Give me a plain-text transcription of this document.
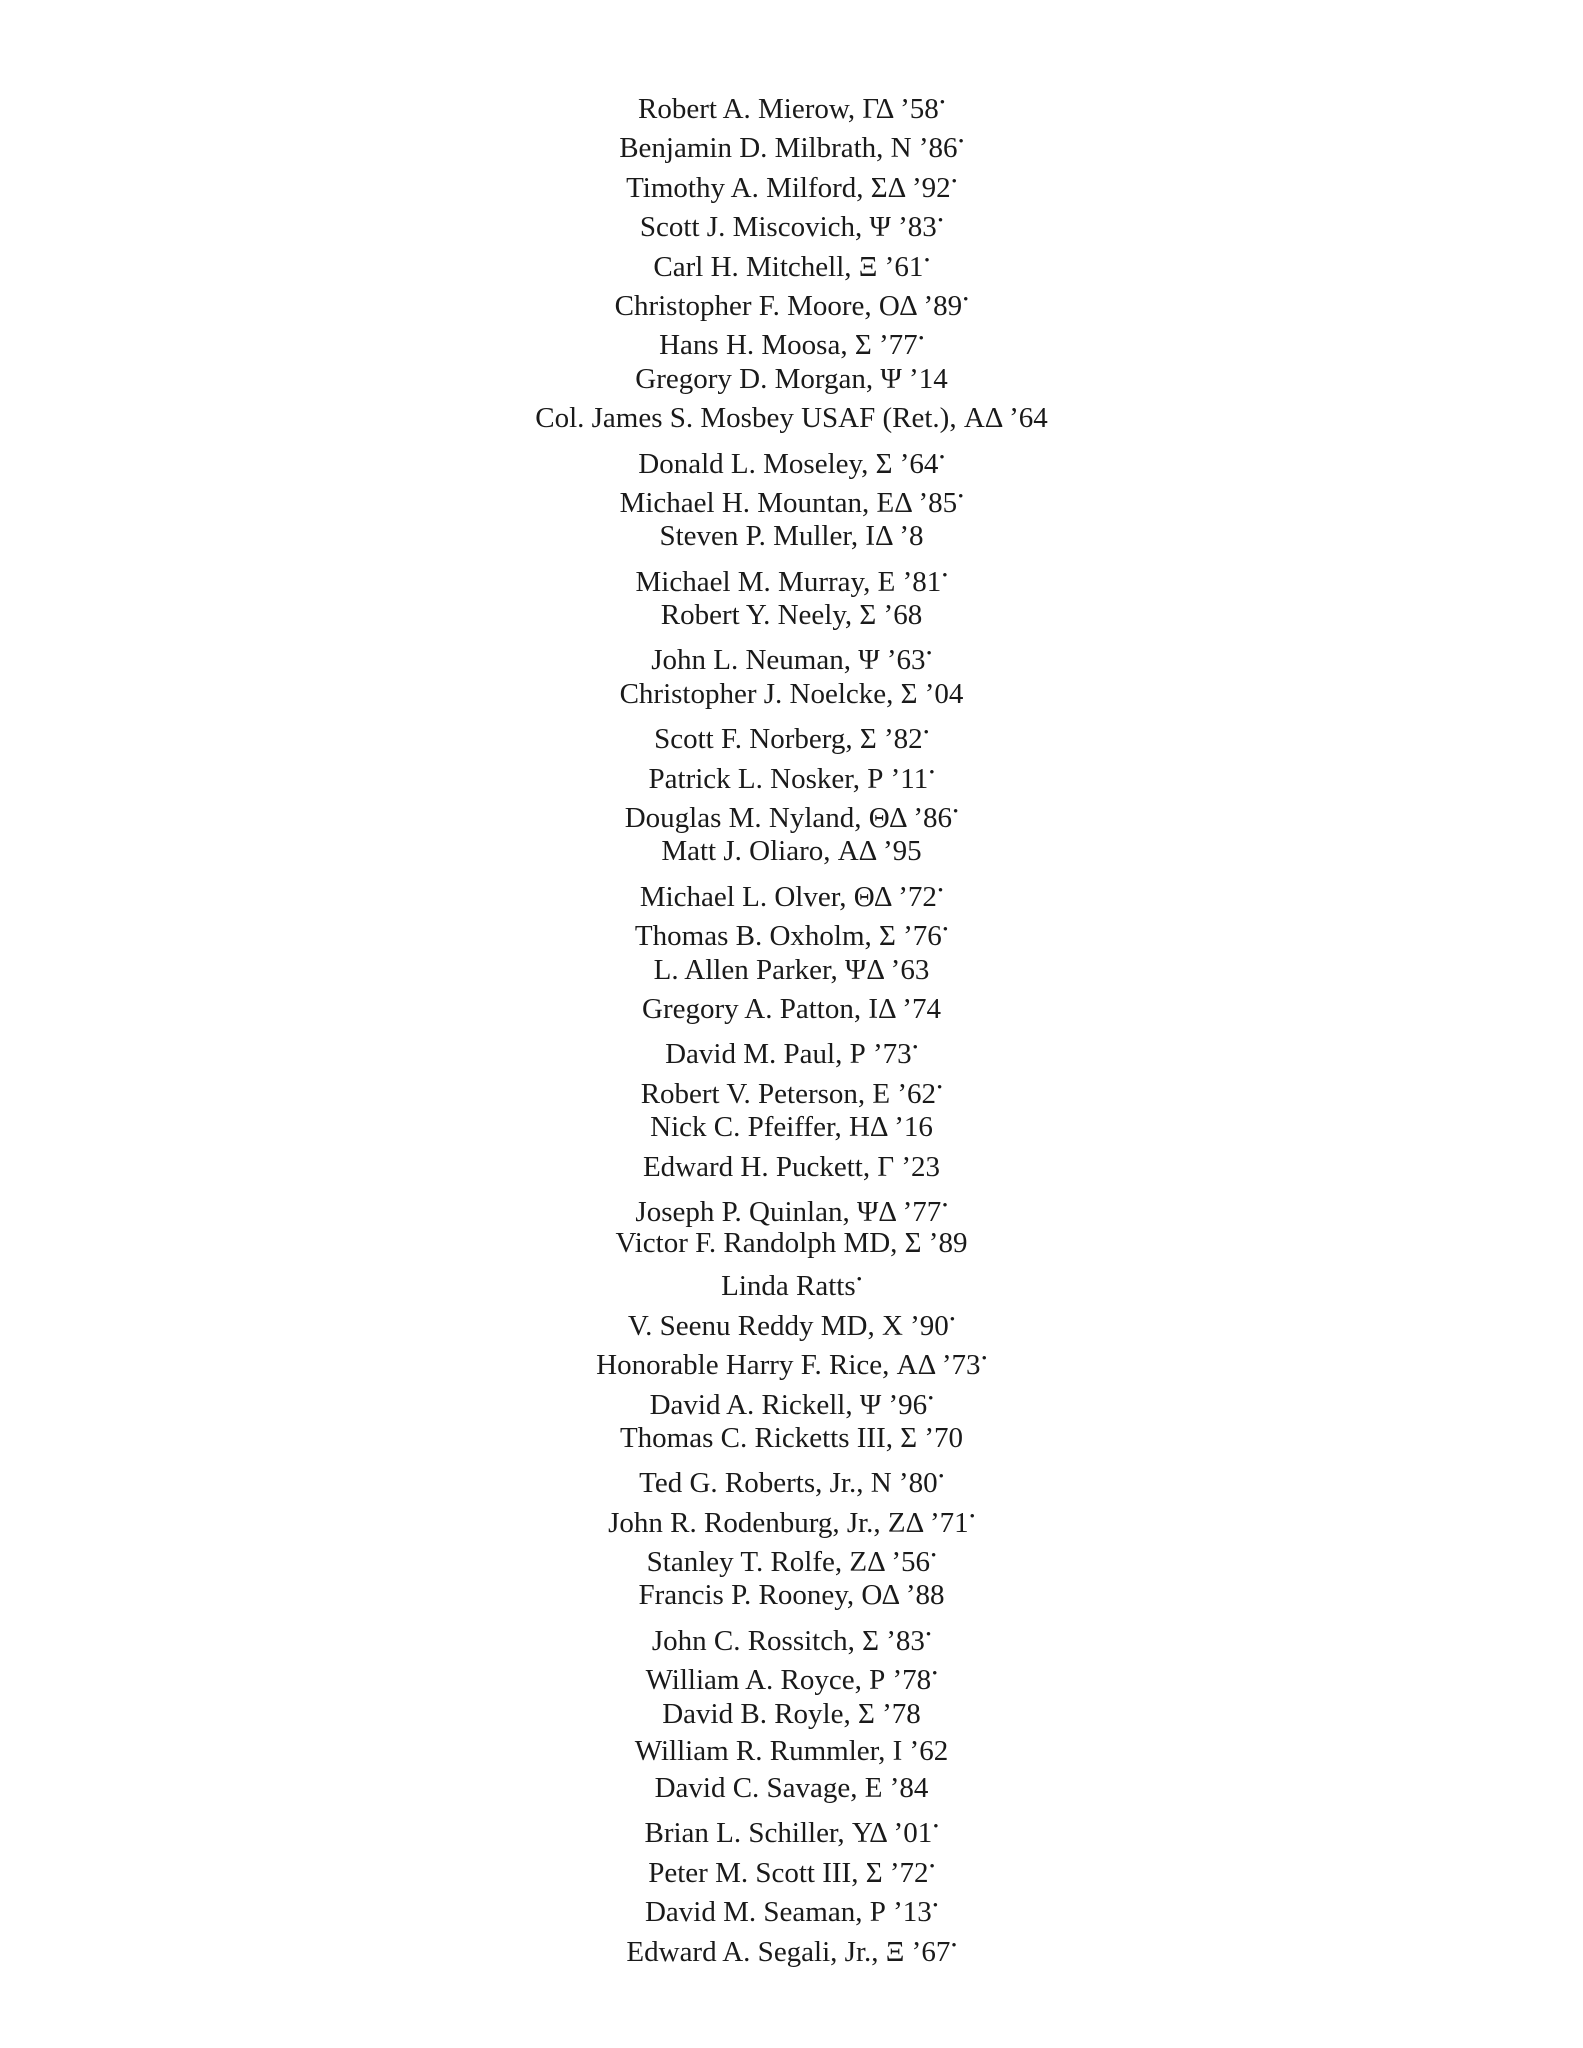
Robert A. Mierow, ΓΔ ’58•
Benjamin D. Milbrath, Ν ’86•
Timothy A. Milford, ΣΔ ’92•
Scott J. Miscovich, Ψ ’83•
Carl H. Mitchell, Ξ ’61•
Christopher F. Moore, ΟΔ ’89•
Hans H. Moosa, Σ ’77•
Gregory D. Morgan, Ψ ’14
Col. James S. Mosbey USAF (Ret.), ΑΔ ’64
Donald L. Moseley, Σ ’64•
Michael H. Mountan, ΕΔ ’85•
Steven P. Muller, ΙΔ ’8
Michael M. Murray, Ε ’81•
Robert Y. Neely, Σ ’68
John L. Neuman, Ψ ’63•
Christopher J. Noelcke, Σ ’04
Scott F. Norberg, Σ ’82•
Patrick L. Nosker, Ρ ’11•
Douglas M. Nyland, ΘΔ ’86•
Matt J. Oliaro, ΑΔ ’95
Michael L. Olver, ΘΔ ’72•
Thomas B. Oxholm, Σ ’76•
L. Allen Parker, ΨΔ ’63
Gregory A. Patton, ΙΔ ’74
David M. Paul, Ρ ’73•
Robert V. Peterson, Ε ’62•
Nick C. Pfeiffer, ΗΔ ’16
Edward H. Puckett, Γ ’23
Joseph P. Quinlan, ΨΔ ’77•
Victor F. Randolph MD, Σ ’89
Linda Ratts•
V. Seenu Reddy MD, Χ ’90•
Honorable Harry F. Rice, ΑΔ ’73•
David A. Rickell, Ψ ’96•
Thomas C. Ricketts III, Σ ’70
Ted G. Roberts, Jr., Ν ’80•
John R. Rodenburg, Jr., ΖΔ ’71•
Stanley T. Rolfe, ΖΔ ’56•
Francis P. Rooney, ΟΔ ’88
John C. Rossitch, Σ ’83•
William A. Royce, Ρ ’78•
David B. Royle, Σ ’78
William R. Rummler, Ι ’62
David C. Savage, Ε ’84
Brian L. Schiller, ΥΔ ’01•
Peter M. Scott III, Σ ’72•
David M. Seaman, Ρ ’13•
Edward A. Segali, Jr., Ξ ’67•
